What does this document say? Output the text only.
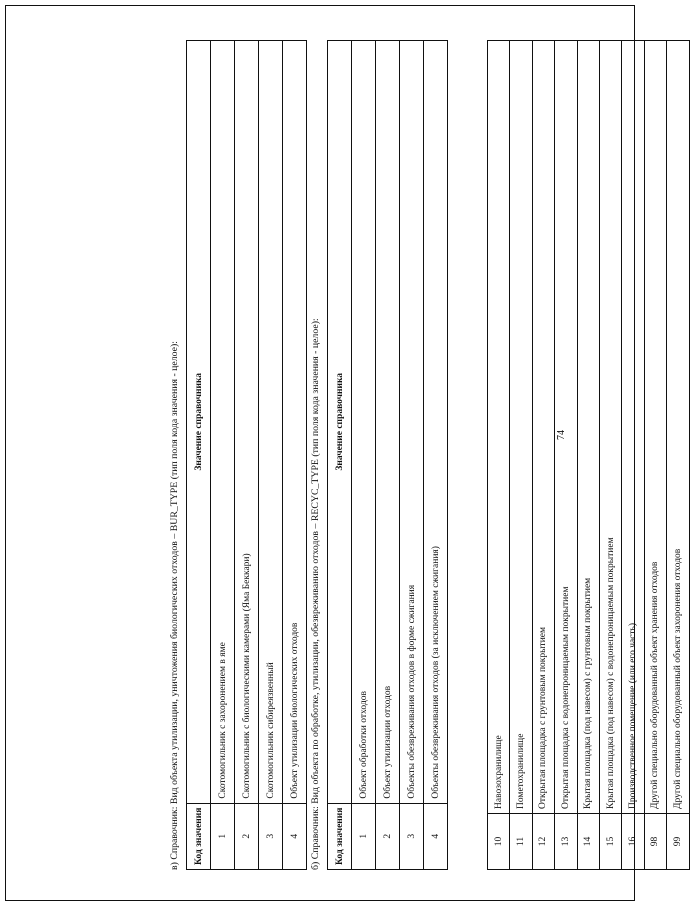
74
10	Навозохранилище
11	Пометохранилище
12	Открытая площадка с грунтовым покрытием
13	Открытая площадка с водонепроницаемым покрытием
14	Крытая площадка (под навесом) с грунтовым покрытием
15	Крытая площадка (под навесом) с водонепроницаемым покрытием
16	Производственное помещение (или его часть)
98	Другой специально оборудованный объект хранения отходов
99	Другой специально оборудованный объект захоронения отходов
б) Справочник: Вид объекта по обработке, утилизации, обезвреживанию отходов – RECYC_TYPE (тип поля кода значения - целое): Код значения	Значение справочника
1	Объект обработки отходов
2	Объект утилизации отходов
3	Объекты обезвреживания отходов в форме сжигания
4	Объекты обезвреживания отходов (за исключением сжигания)
в) Справочник: Вид объекта утилизации, уничтожения биологических отходов – BUR_TYPE (тип поля кода значения - целое): Код значения	Значение справочника
1	Скотомогильник с захоронением в яме
2	Скотомогильник с биологическими камерами (Яма Беккари)
3	Скотомогильник сибиреязвенный
4	Объект утилизации биологических отходов
